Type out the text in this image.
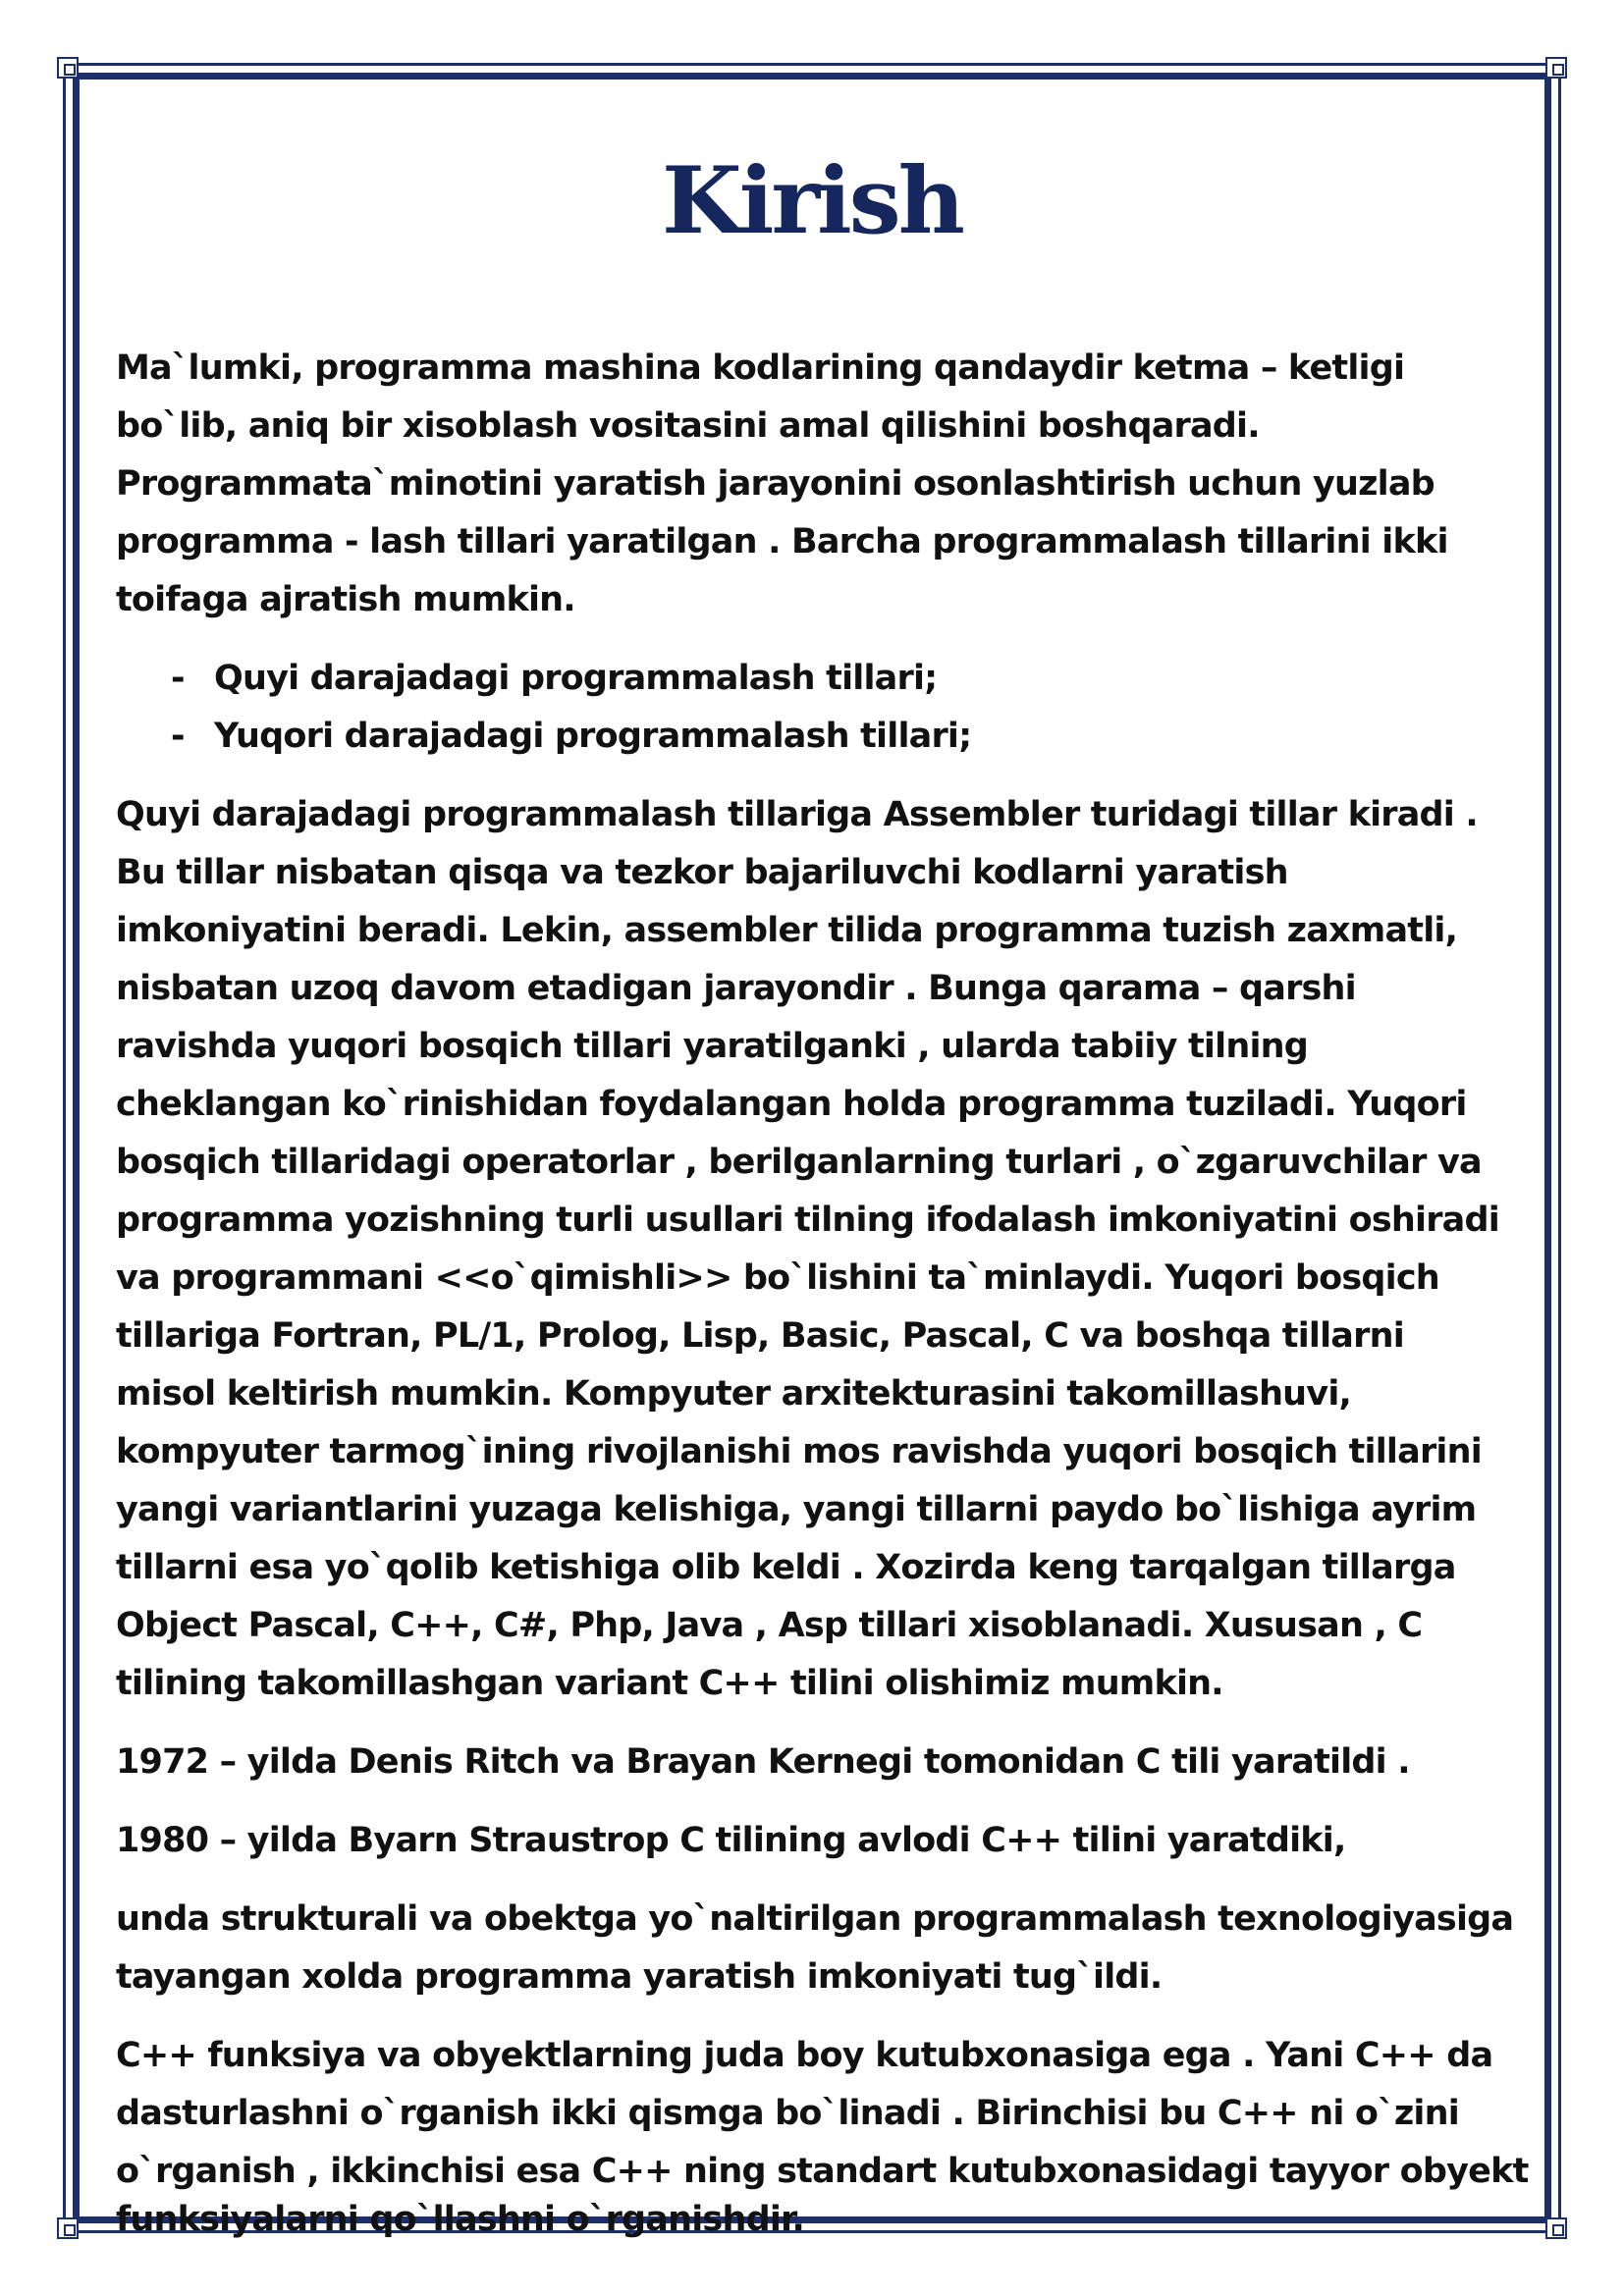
Kirish
Ma`lumki, programma mashina kodlarining qandaydir ketma – ketligi
bo`lib, aniq bir xisoblash vositasini amal qilishini boshqaradi.
Programmata`minotini yaratish jarayonini osonlashtirish uchun yuzlab
programma - lash tillari yaratilgan . Barcha programmalash tillarini ikki
toifaga ajratish mumkin.
- Quyi darajadagi programmalash tillari;
- Yuqori darajadagi programmalash tillari;
Quyi darajadagi programmalash tillariga Assembler turidagi tillar kiradi .
Bu tillar nisbatan qisqa va tezkor bajariluvchi kodlarni yaratish
imkoniyatini beradi. Lekin, assembler tilida programma tuzish zaxmatli,
nisbatan uzoq davom etadigan jarayondir . Bunga qarama – qarshi
ravishda yuqori bosqich tillari yaratilganki , ularda tabiiy tilning
cheklangan ko`rinishidan foydalangan holda programma tuziladi. Yuqori
bosqich tillaridagi operatorlar , berilganlarning turlari , o`zgaruvchilar va
programma yozishning turli usullari tilning ifodalash imkoniyatini oshiradi
va programmani <<o`qimishli>> bo`lishini ta`minlaydi. Yuqori bosqich
tillariga Fortran, PL/1, Prolog, Lisp, Basic, Pascal, C va boshqa tillarni
misol keltirish mumkin. Kompyuter arxitekturasini takomillashuvi,
kompyuter tarmog`ining rivojlanishi mos ravishda yuqori bosqich tillarini
yangi variantlarini yuzaga kelishiga, yangi tillarni paydo bo`lishiga ayrim
tillarni esa yo`qolib ketishiga olib keldi . Xozirda keng tarqalgan tillarga
Object Pascal, C++, C#, Php, Java , Asp tillari xisoblanadi. Xususan , C
tilining takomillashgan variant C++ tilini olishimiz mumkin.
1972 – yilda Denis Ritch va Brayan Kernegi tomonidan C tili yaratildi .
1980 – yilda Byarn Straustrop C tilining avlodi C++ tilini yaratdiki,
unda strukturali va obektga yo`naltirilgan programmalash texnologiyasiga
tayangan xolda programma yaratish imkoniyati tug`ildi.
C++ funksiya va obyektlarning juda boy kutubxonasiga ega . Yani C++ da
dasturlashni o`rganish ikki qismga bo`linadi . Birinchisi bu C++ ni o`zini
o`rganish , ikkinchisi esa C++ ning standart kutubxonasidagi tayyor obyekt
funksiyalarni qo`llashni o`rganishdir.
